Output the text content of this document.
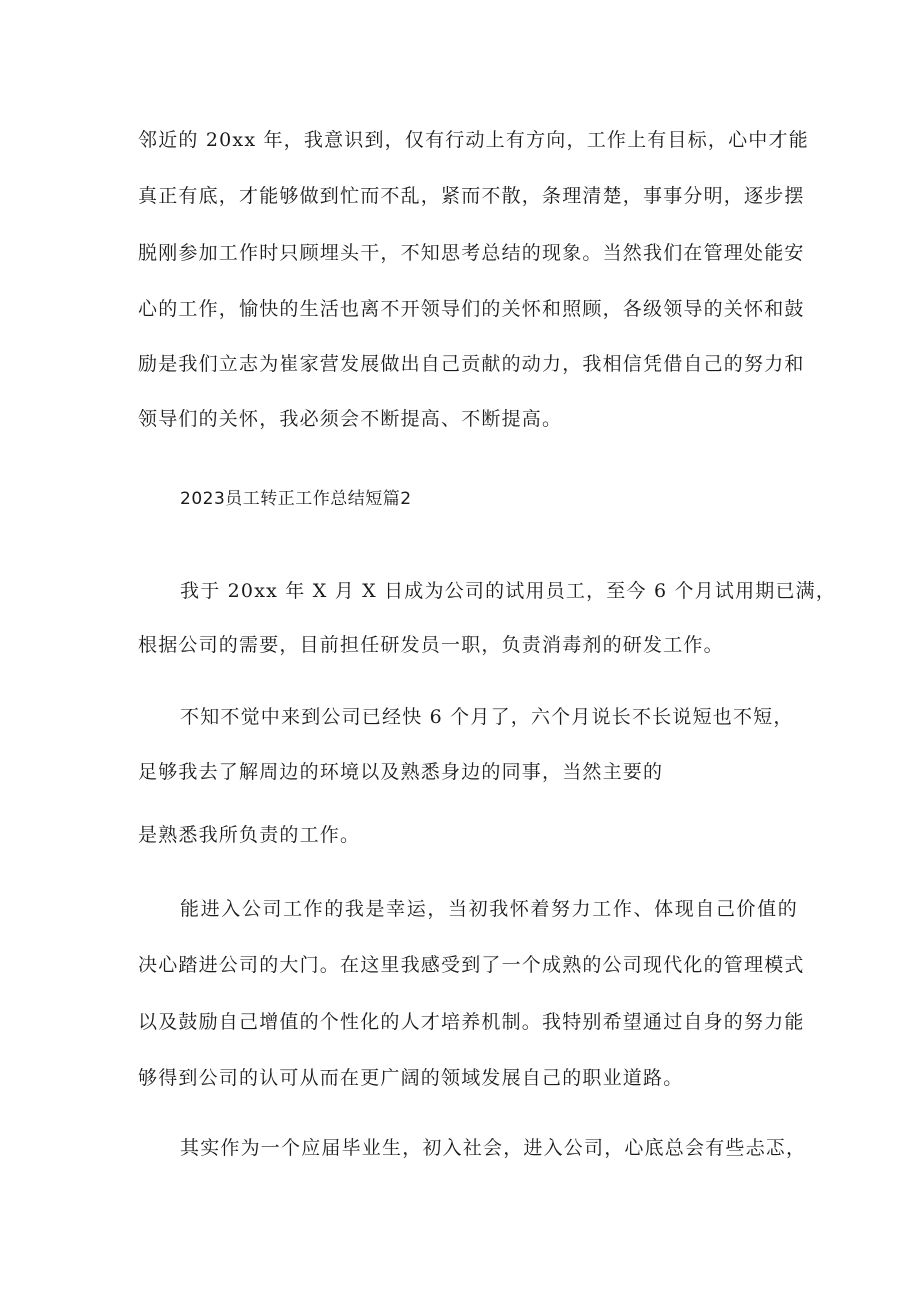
邻近的 20xx 年，我意识到，仅有行动上有方向，工作上有目标，心中才能
真正有底，才能够做到忙而不乱，紧而不散，条理清楚，事事分明，逐步摆
脱刚参加工作时只顾埋头干，不知思考总结的现象。当然我们在管理处能安
心的工作，愉快的生活也离不开领导们的关怀和照顾，各级领导的关怀和鼓
励是我们立志为崔家营发展做出自己贡献的动力，我相信凭借自己的努力和
领导们的关怀，我必须会不断提高、不断提高。
2023员工转正工作总结短篇2
我于 20xx 年 X 月 X 日成为公司的试用员工，至今 6 个月试用期已满，
根据公司的需要，目前担任研发员一职，负责消毒剂的研发工作。
不知不觉中来到公司已经快 6 个月了，六个月说长不长说短也不短，
足够我去了解周边的环境以及熟悉身边的同事，当然主要的
是熟悉我所负责的工作。
能进入公司工作的我是幸运，当初我怀着努力工作、体现自己价值的
决心踏进公司的大门。在这里我感受到了一个成熟的公司现代化的管理模式
以及鼓励自己增值的个性化的人才培养机制。我特别希望通过自身的努力能
够得到公司的认可从而在更广阔的领域发展自己的职业道路。
其实作为一个应届毕业生，初入社会，进入公司，心底总会有些忐忑，
